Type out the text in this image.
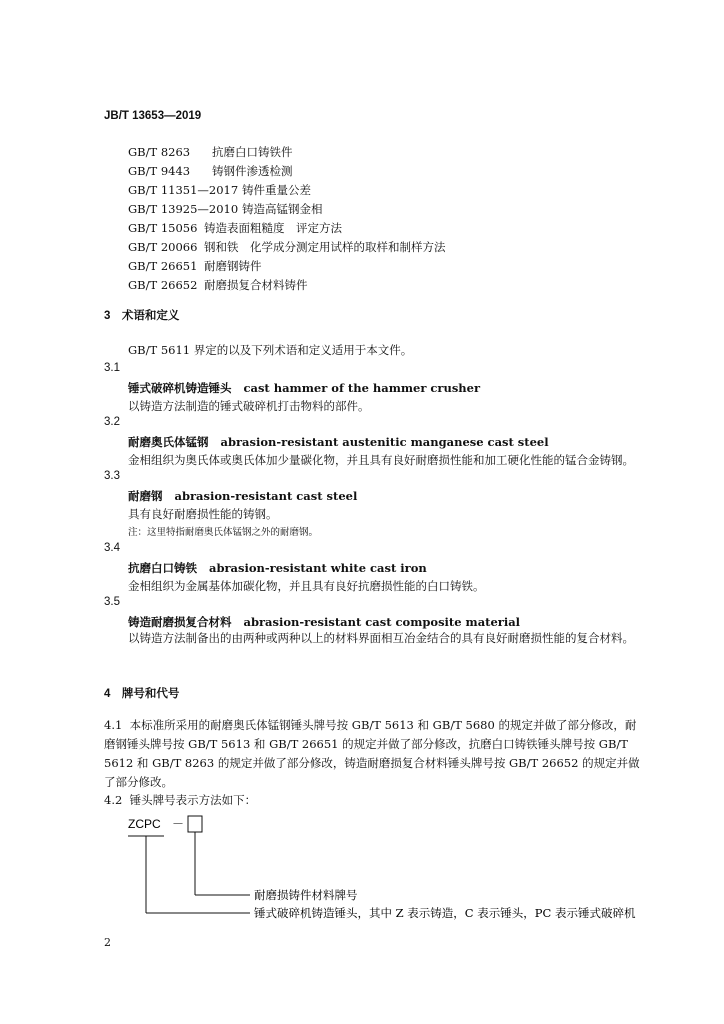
JB/T 13653—2019
GB/T 8263 抗磨白口铸铁件
GB/T 9443 铸钢件渗透检测
GB/T 11351—2017 铸件重量公差
GB/T 13925—2010 铸造高锰钢金相
GB/T 15056 铸造表面粗糙度　评定方法
GB/T 20066 钢和铁　化学成分测定用试样的取样和制样方法
GB/T 26651 耐磨钢铸件
GB/T 26652 耐磨损复合材料铸件
3　术语和定义
GB/T 5611 界定的以及下列术语和定义适用于本文件。
3.1
锤式破碎机铸造锤头 cast hammer of the hammer crusher
以铸造方法制造的锤式破碎机打击物料的部件。
3.2
耐磨奥氏体锰钢 abrasion-resistant austenitic manganese cast steel
金相组织为奥氏体或奥氏体加少量碳化物，并且具有良好耐磨损性能和加工硬化性能的锰合金铸钢。
3.3
耐磨钢 abrasion-resistant cast steel
具有良好耐磨损性能的铸钢。
注：这里特指耐磨奥氏体锰钢之外的耐磨钢。
3.4
抗磨白口铸铁 abrasion-resistant white cast iron
金相组织为金属基体加碳化物，并且具有良好抗磨损性能的白口铸铁。
3.5
铸造耐磨损复合材料 abrasion-resistant cast composite material
以铸造方法制备出的由两种或两种以上的材料界面相互冶金结合的具有良好耐磨损性能的复合材料。
4　牌号和代号
4.1 本标准所采用的耐磨奥氏体锰钢锤头牌号按 GB/T 5613 和 GB/T 5680 的规定并做了部分修改，耐磨钢锤头牌号按 GB/T 5613 和 GB/T 26651 的规定并做了部分修改，抗磨白口铸铁锤头牌号按 GB/T 5612 和 GB/T 8263 的规定并做了部分修改，铸造耐磨损复合材料锤头牌号按 GB/T 26652 的规定并做了部分修改。
4.2 锤头牌号表示方法如下：
ZCPC －
耐磨损铸件材料牌号
锤式破碎机铸造锤头，其中 Z 表示铸造，C 表示锤头，PC 表示锤式破碎机
2
